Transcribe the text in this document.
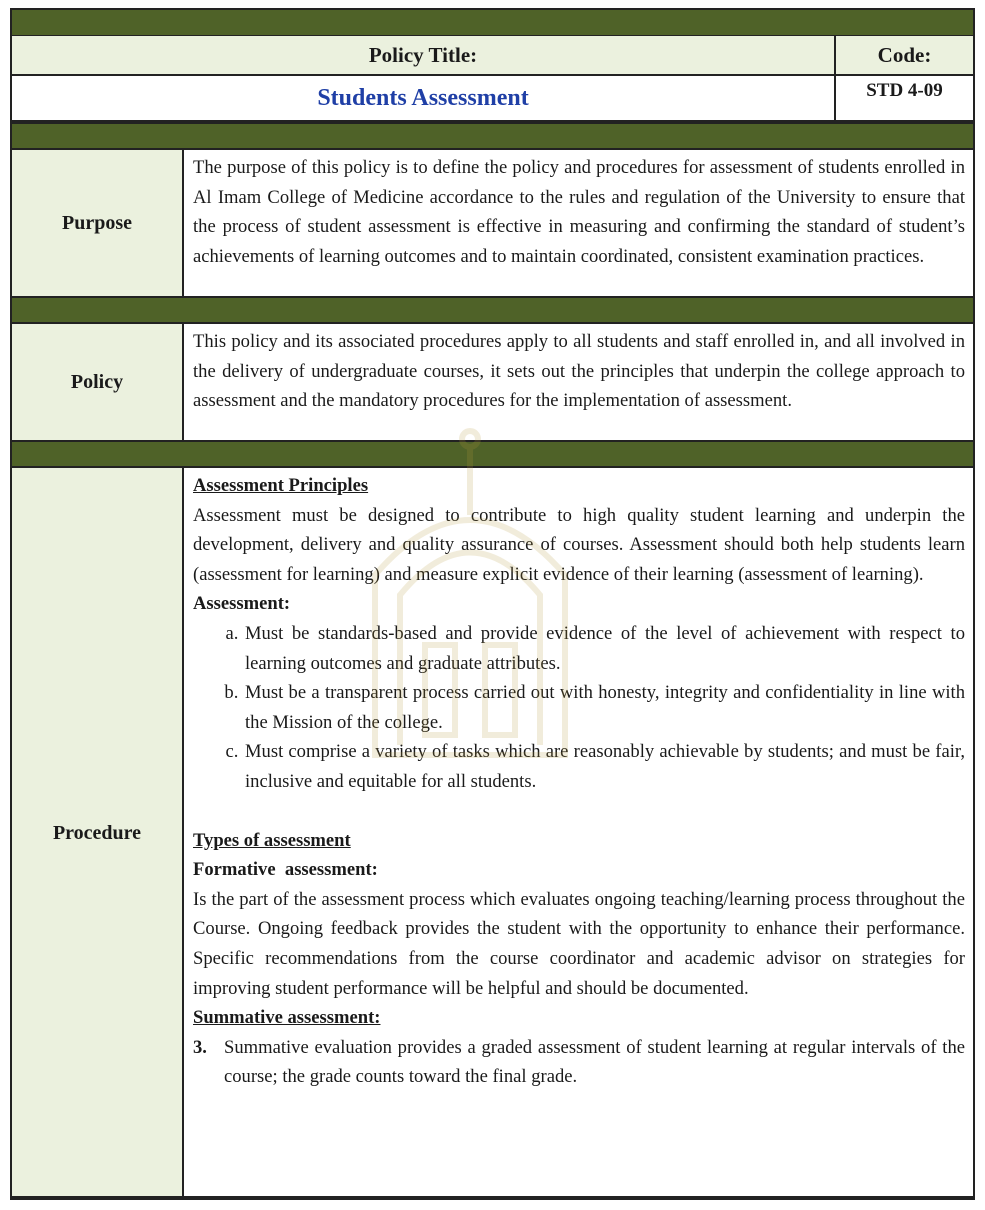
Policy Title:	Code:
Students Assessment	STD 4-09
Purpose

The purpose of this policy is to define the policy and procedures for assessment of students enrolled in Al Imam College of Medicine accordance to the rules and regulation of the University to ensure that the process of student assessment is effective in measuring and confirming the standard of student’s achievements of learning outcomes and to maintain coordinated, consistent examination practices.

Policy

This policy and its associated procedures apply to all students and staff enrolled in, and all involved in the delivery of undergraduate courses, it sets out the principles that underpin the college approach to assessment and the mandatory procedures for the implementation of assessment.

Procedure
Assessment Principles

Assessment must be designed to contribute to high quality student learning and underpin the development, delivery and quality assurance of courses. Assessment should both help students learn (assessment for learning) and measure explicit evidence of their learning (assessment of learning).

Assessment:
a. Must be standards-based and provide evidence of the level of achievement with respect to learning outcomes and graduate attributes.
b. Must be a transparent process carried out with honesty, integrity and confidentiality in line with the Mission of the college.
c. Must comprise a variety of tasks which are reasonably achievable by students; and must be fair, inclusive and equitable for all students.
Types of assessment
Formative  assessment:

Is the part of the assessment process which evaluates ongoing teaching/learning process throughout the Course. Ongoing feedback provides the student with the opportunity to enhance their performance. Specific recommendations from the course coordinator and academic advisor on strategies for improving student performance will be helpful and should be documented.

Summative assessment:
3. Summative evaluation provides a graded assessment of student learning at regular intervals of the course; the grade counts toward the final grade.
